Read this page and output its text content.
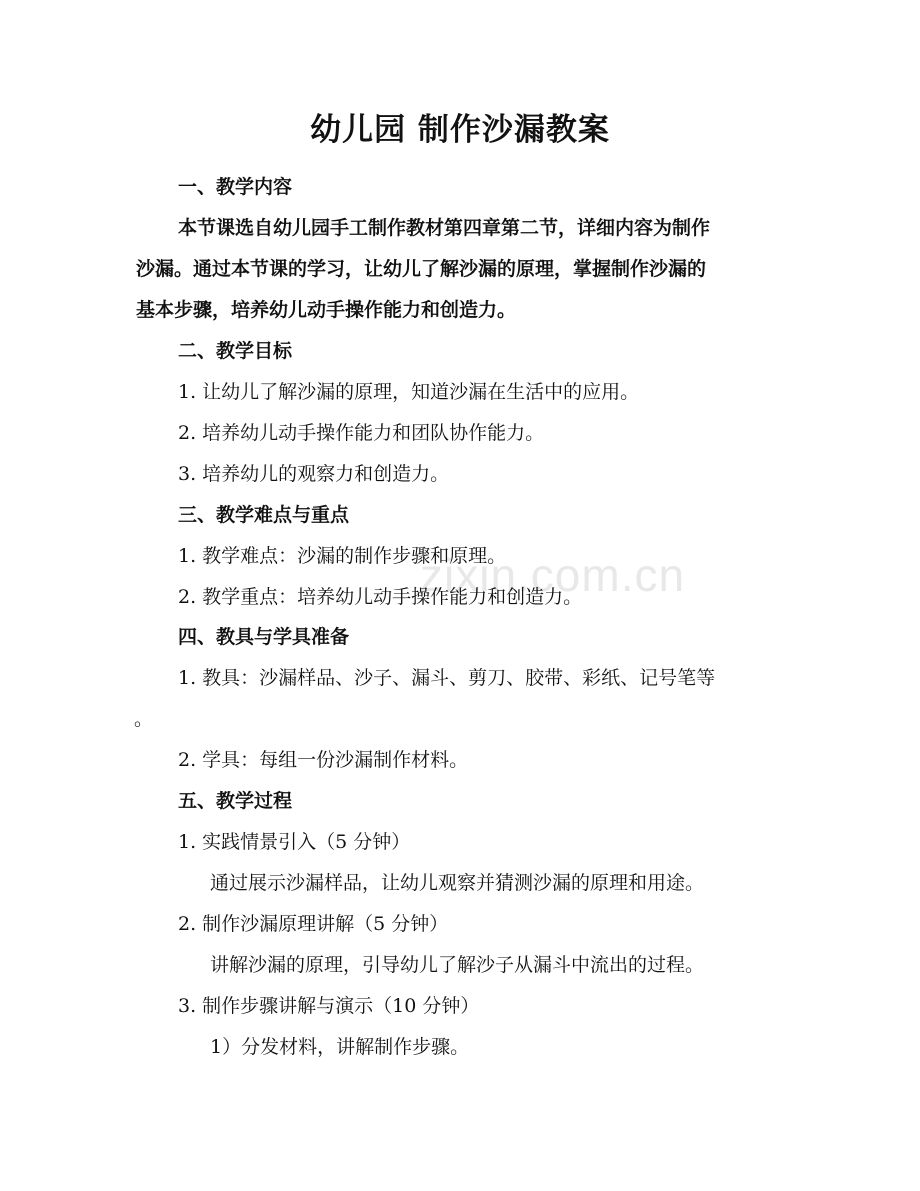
zixin.com.cn
幼儿园 制作沙漏教案
一、教学内容
本节课选自幼儿园手工制作教材第四章第二节，详细内容为制作
沙漏。通过本节课的学习，让幼儿了解沙漏的原理，掌握制作沙漏的
基本步骤，培养幼儿动手操作能力和创造力。
二、教学目标
1. 让幼儿了解沙漏的原理，知道沙漏在生活中的应用。
2. 培养幼儿动手操作能力和团队协作能力。
3. 培养幼儿的观察力和创造力。
三、教学难点与重点
1. 教学难点：沙漏的制作步骤和原理。
2. 教学重点：培养幼儿动手操作能力和创造力。
四、教具与学具准备
1. 教具：沙漏样品、沙子、漏斗、剪刀、胶带、彩纸、记号笔等
。
2. 学具：每组一份沙漏制作材料。
五、教学过程
1. 实践情景引入（5 分钟）
通过展示沙漏样品，让幼儿观察并猜测沙漏的原理和用途。
2. 制作沙漏原理讲解（5 分钟）
讲解沙漏的原理，引导幼儿了解沙子从漏斗中流出的过程。
3. 制作步骤讲解与演示（10 分钟）
1）分发材料，讲解制作步骤。
